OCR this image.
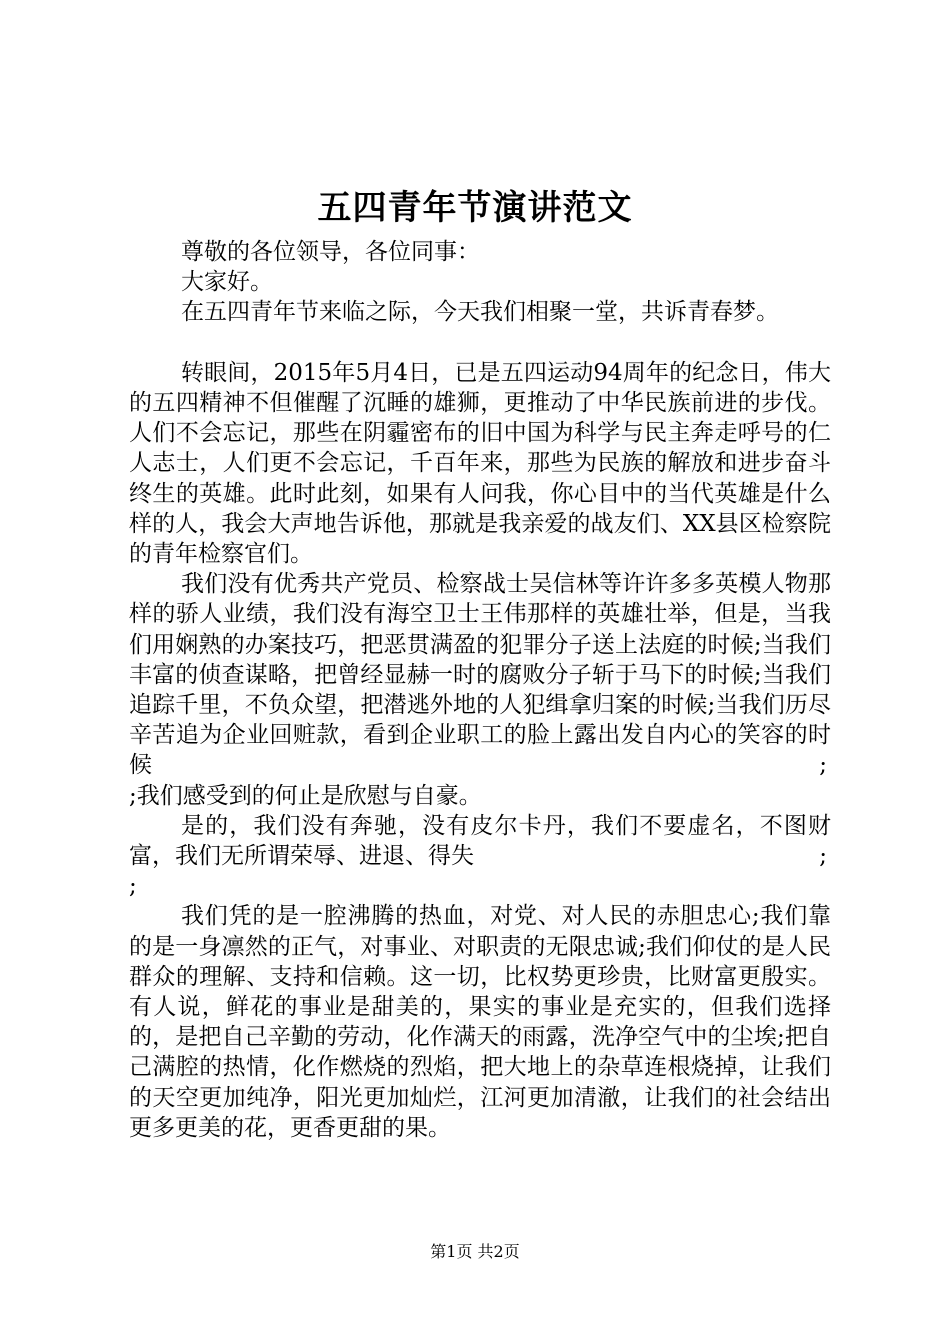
五四青年节演讲范文

尊敬的各位领导，各位同事：

大家好。

在五四青年节来临之际，今天我们相聚一堂，共诉青春梦。

转眼间，2015年5月4日，已是五四运动94周年的纪念日，伟大的五四精神不但催醒了沉睡的雄狮，更推动了中华民族前进的步伐。人们不会忘记，那些在阴霾密布的旧中国为科学与民主奔走呼号的仁人志士，人们更不会忘记，千百年来，那些为民族的解放和进步奋斗终生的英雄。此时此刻，如果有人问我，你心目中的当代英雄是什么样的人，我会大声地告诉他，那就是我亲爱的战友们、XX县区检察院的青年检察官们。

我们没有优秀共产党员、检察战士吴信林等许许多多英模人物那样的骄人业绩，我们没有海空卫士王伟那样的英雄壮举，但是，当我们用娴熟的办案技巧，把恶贯满盈的犯罪分子送上法庭的时候;当我们丰富的侦查谋略，把曾经显赫一时的腐败分子斩于马下的时候;当我们追踪千里，不负众望，把潜逃外地的人犯缉拿归案的时候;当我们历尽辛苦追为企业回赃款，看到企业职工的脸上露出发自内心的笑容的时候	;

;我们感受到的何止是欣慰与自豪。

是的，我们没有奔驰，没有皮尔卡丹，我们不要虚名，不图财富，我们无所谓荣辱、进退、得失	;

;

我们凭的是一腔沸腾的热血，对党、对人民的赤胆忠心;我们靠的是一身凛然的正气，对事业、对职责的无限忠诚;我们仰仗的是人民群众的理解、支持和信赖。这一切，比权势更珍贵，比财富更殷实。有人说，鲜花的事业是甜美的，果实的事业是充实的，但我们选择的，是把自己辛勤的劳动，化作满天的雨露，洗净空气中的尘埃;把自己满腔的热情，化作燃烧的烈焰，把大地上的杂草连根烧掉，让我们的天空更加纯净，阳光更加灿烂，江河更加清澈，让我们的社会结出更多更美的花，更香更甜的果。

第1页 共2页
